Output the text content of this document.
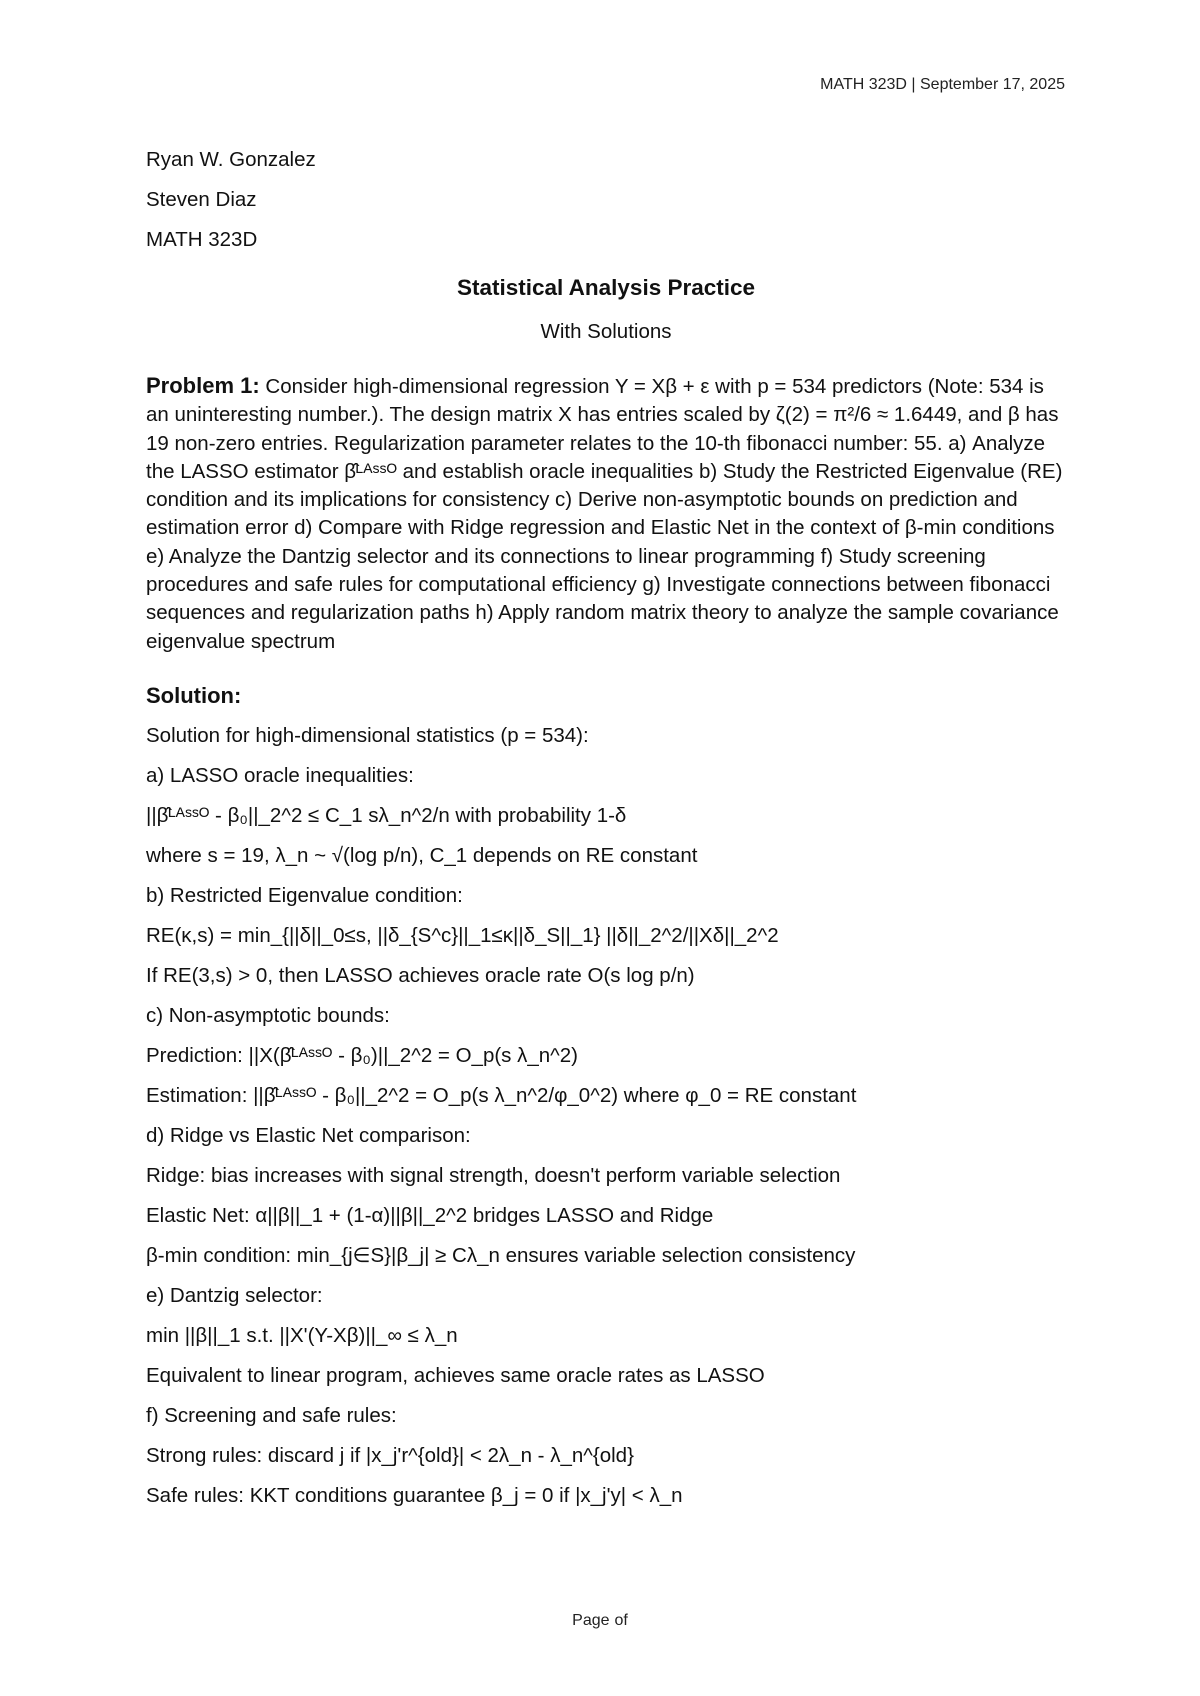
MATH 323D | September 17, 2025
Ryan W. Gonzalez
Steven Diaz
MATH 323D
Statistical Analysis Practice
With Solutions
Problem 1: Consider high-dimensional regression Y = Xβ + ε with p = 534 predictors (Note: 534 is an uninteresting number.). The design matrix X has entries scaled by ζ(2) = π²/6 ≈ 1.6449, and β has 19 non-zero entries. Regularization parameter relates to the 10-th fibonacci number: 55. a) Analyze the LASSO estimator β̂ᴸᴬˢˢᴼ and establish oracle inequalities b) Study the Restricted Eigenvalue (RE) condition and its implications for consistency c) Derive non-asymptotic bounds on prediction and estimation error d) Compare with Ridge regression and Elastic Net in the context of β-min conditions e) Analyze the Dantzig selector and its connections to linear programming f) Study screening procedures and safe rules for computational efficiency g) Investigate connections between fibonacci sequences and regularization paths h) Apply random matrix theory to analyze the sample covariance eigenvalue spectrum
Solution:
Solution for high-dimensional statistics (p = 534):
a) LASSO oracle inequalities:
||β̂ᴸᴬˢˢᴼ - β₀||_2^2 ≤ C_1 sλ_n^2/n with probability 1-δ
where s = 19, λ_n ~ √(log p/n), C_1 depends on RE constant
b) Restricted Eigenvalue condition:
RE(κ,s) = min_{||δ||_0≤s, ||δ_{S^c}||_1≤κ||δ_S||_1} ||δ||_2^2/||Xδ||_2^2
If RE(3,s) > 0, then LASSO achieves oracle rate O(s log p/n)
c) Non-asymptotic bounds:
Prediction: ||X(β̂ᴸᴬˢˢᴼ - β₀)||_2^2 = O_p(s λ_n^2)
Estimation: ||β̂ᴸᴬˢˢᴼ - β₀||_2^2 = O_p(s λ_n^2/φ_0^2) where φ_0 = RE constant
d) Ridge vs Elastic Net comparison:
Ridge: bias increases with signal strength, doesn't perform variable selection
Elastic Net: α||β||_1 + (1-α)||β||_2^2 bridges LASSO and Ridge
β-min condition: min_{j∈S}|β_j| ≥ Cλ_n ensures variable selection consistency
e) Dantzig selector:
min ||β||_1 s.t. ||X'(Y-Xβ)||_∞ ≤ λ_n
Equivalent to linear program, achieves same oracle rates as LASSO
f) Screening and safe rules:
Strong rules: discard j if |x_j'r^{old}| < 2λ_n - λ_n^{old}
Safe rules: KKT conditions guarantee β_j = 0 if |x_j'y| < λ_n
Page of
